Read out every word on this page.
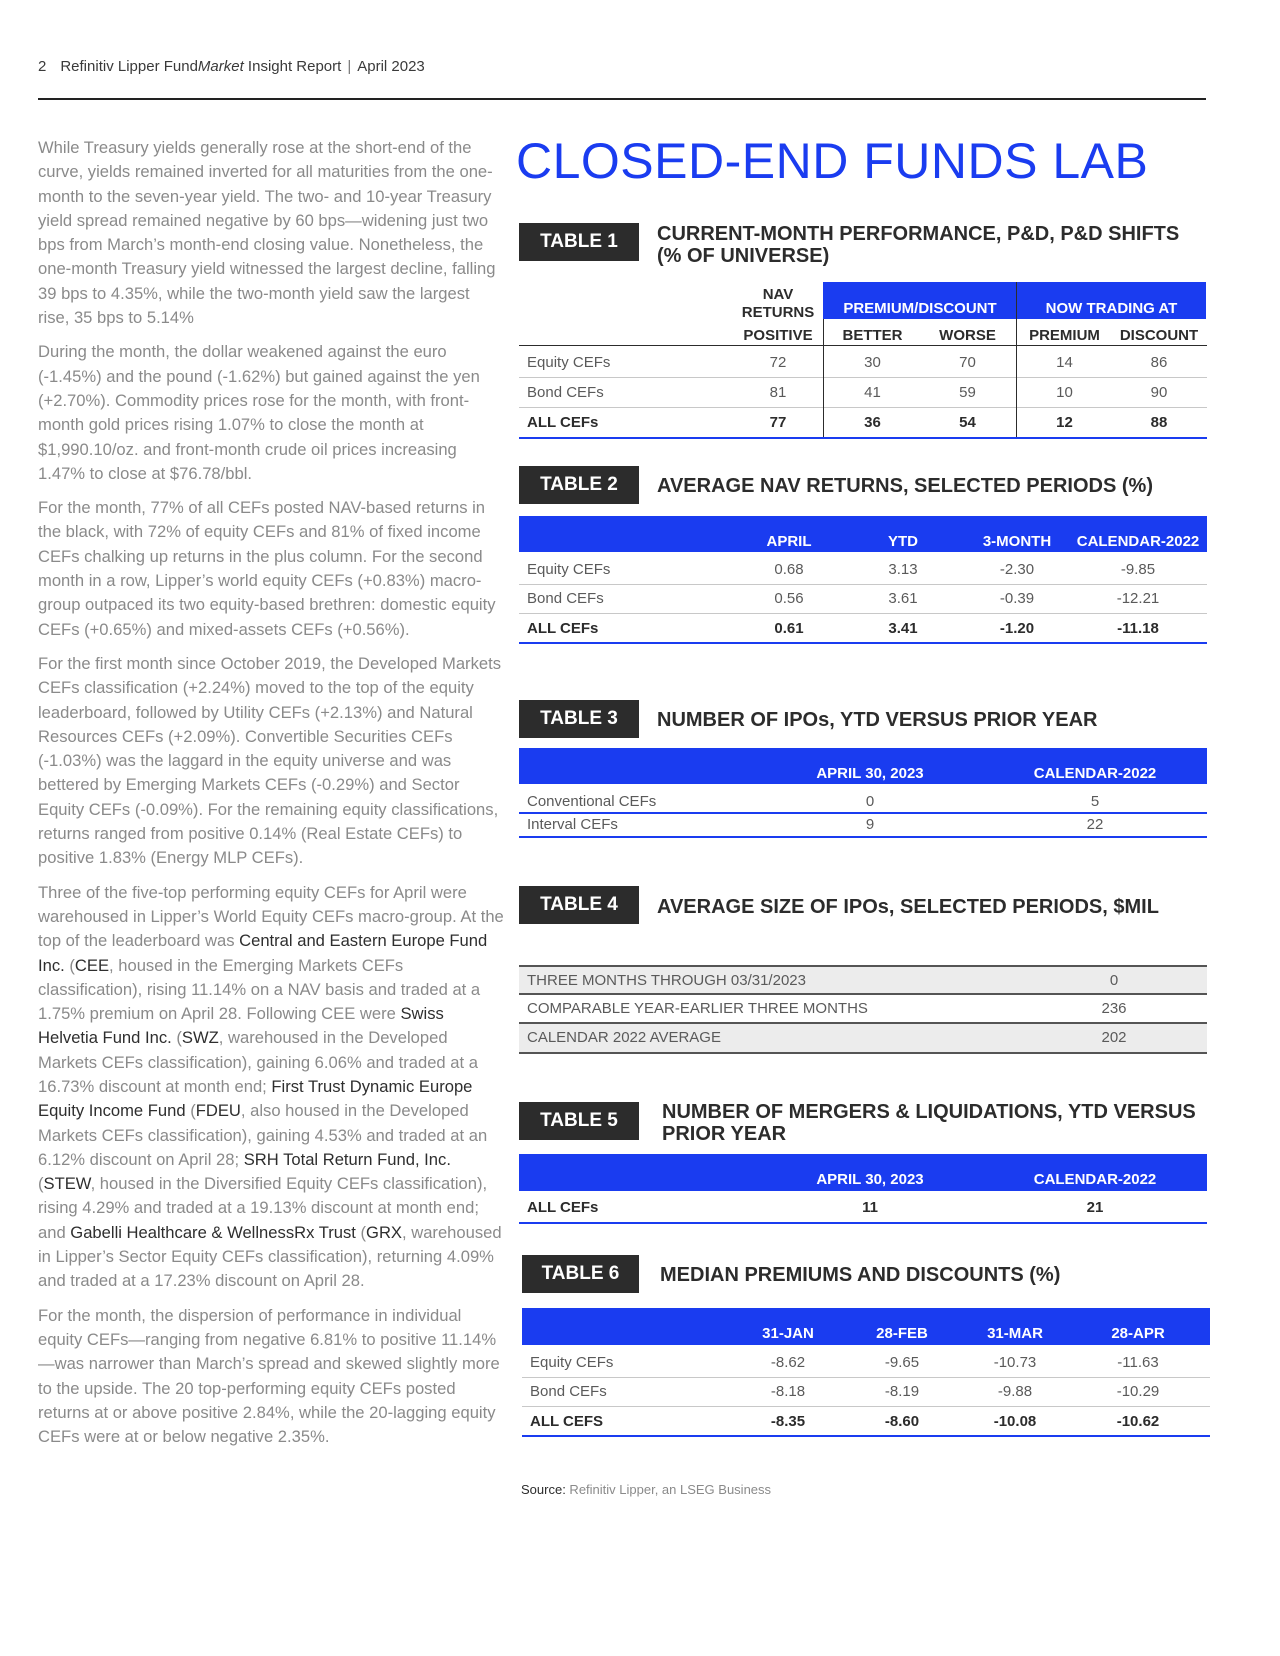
2 Refinitiv Lipper FundMarket Insight Report | April 2023

While Treasury yields generally rose at the short-end of the curve, yields remained inverted for all maturities from the one-month to the seven-year yield. The two- and 10-year Treasury yield spread remained negative by 60 bps—widening just two bps from March’s month-end closing value. Nonetheless, the one-month Treasury yield witnessed the largest decline, falling 39 bps to 4.35%, while the two-month yield saw the largest rise, 35 bps to 5.14%

During the month, the dollar weakened against the euro (-1.45%) and the pound (-1.62%) but gained against the yen (+2.70%). Commodity prices rose for the month, with front-month gold prices rising 1.07% to close the month at $1,990.10/oz. and front-month crude oil prices increasing 1.47% to close at $76.78/bbl.

For the month, 77% of all CEFs posted NAV-based returns in the black, with 72% of equity CEFs and 81% of fixed income CEFs chalking up returns in the plus column. For the second month in a row, Lipper’s world equity CEFs (+0.83%) macro-group outpaced its two equity-based brethren: domestic equity CEFs (+0.65%) and mixed-assets CEFs (+0.56%).

For the first month since October 2019, the Developed Markets CEFs classification (+2.24%) moved to the top of the equity leaderboard, followed by Utility CEFs (+2.13%) and Natural Resources CEFs (+2.09%). Convertible Securities CEFs (-1.03%) was the laggard in the equity universe and was bettered by Emerging Markets CEFs (-0.29%) and Sector Equity CEFs (-0.09%). For the remaining equity classifications, returns ranged from positive 0.14% (Real Estate CEFs) to positive 1.83% (Energy MLP CEFs).

Three of the five-top performing equity CEFs for April were warehoused in Lipper’s World Equity CEFs macro-group. At the top of the leaderboard was Central and Eastern Europe Fund Inc. (CEE, housed in the Emerging Markets CEFs classification), rising 11.14% on a NAV basis and traded at a 1.75% premium on April 28. Following CEE were Swiss Helvetia Fund Inc. (SWZ, warehoused in the Developed Markets CEFs classification), gaining 6.06% and traded at a 16.73% discount at month end; First Trust Dynamic Europe Equity Income Fund (FDEU, also housed in the Developed Markets CEFs classification), gaining 4.53% and traded at an 6.12% discount on April 28; SRH Total Return Fund, Inc. (STEW, housed in the Diversified Equity CEFs classification), rising 4.29% and traded at a 19.13% discount at month end; and Gabelli Healthcare & WellnessRx Trust (GRX, warehoused in Lipper’s Sector Equity CEFs classification), returning 4.09% and traded at a 17.23% discount on April 28.

For the month, the dispersion of performance in individual equity CEFs—ranging from negative 6.81% to positive 11.14%—was narrower than March’s spread and skewed slightly more to the upside. The 20 top-performing equity CEFs posted returns at or above positive 2.84%, while the 20-lagging equity CEFs were at or below negative 2.35%.

CLOSED-END FUNDS LAB
TABLE 1	CURRENT-MONTH PERFORMANCE, P&D, P&D SHIFTS
(% OF UNIVERSE)
NAV
RETURNS	PREMIUM/DISCOUNT	NOW TRADING AT
POSITIVE	BETTER	WORSE	PREMIUM	DISCOUNT
Equity CEFs	72	30	70	14	86
Bond CEFs	81	41	59	10	90
ALL CEFs	77	36	54	12	88
TABLE 2	AVERAGE NAV RETURNS, SELECTED PERIODS (%)
APRIL	YTD	3-MONTH	CALENDAR-2022
Equity CEFs	0.68	3.13	-2.30	-9.85
Bond CEFs	0.56	3.61	-0.39	-12.21
ALL CEFs	0.61	3.41	-1.20	-11.18
TABLE 3	NUMBER OF IPOs, YTD VERSUS PRIOR YEAR
APRIL 30, 2023	CALENDAR-2022
Conventional CEFs	0	5
Interval CEFs	9	22
TABLE 4	AVERAGE SIZE OF IPOs, SELECTED PERIODS, $MIL
THREE MONTHS THROUGH 03/31/2023	0
COMPARABLE YEAR-EARLIER THREE MONTHS	236
CALENDAR 2022 AVERAGE	202
TABLE 5	NUMBER OF MERGERS & LIQUIDATIONS, YTD VERSUS
PRIOR YEAR
APRIL 30, 2023	CALENDAR-2022
ALL CEFs	11	21
TABLE 6	MEDIAN PREMIUMS AND DISCOUNTS (%)
31-JAN	28-FEB	31-MAR	28-APR
Equity CEFs	-8.62	-9.65	-10.73	-11.63
Bond CEFs	-8.18	-8.19	-9.88	-10.29
ALL CEFS	-8.35	-8.60	-10.08	-10.62
Source: Refinitiv Lipper, an LSEG Business
